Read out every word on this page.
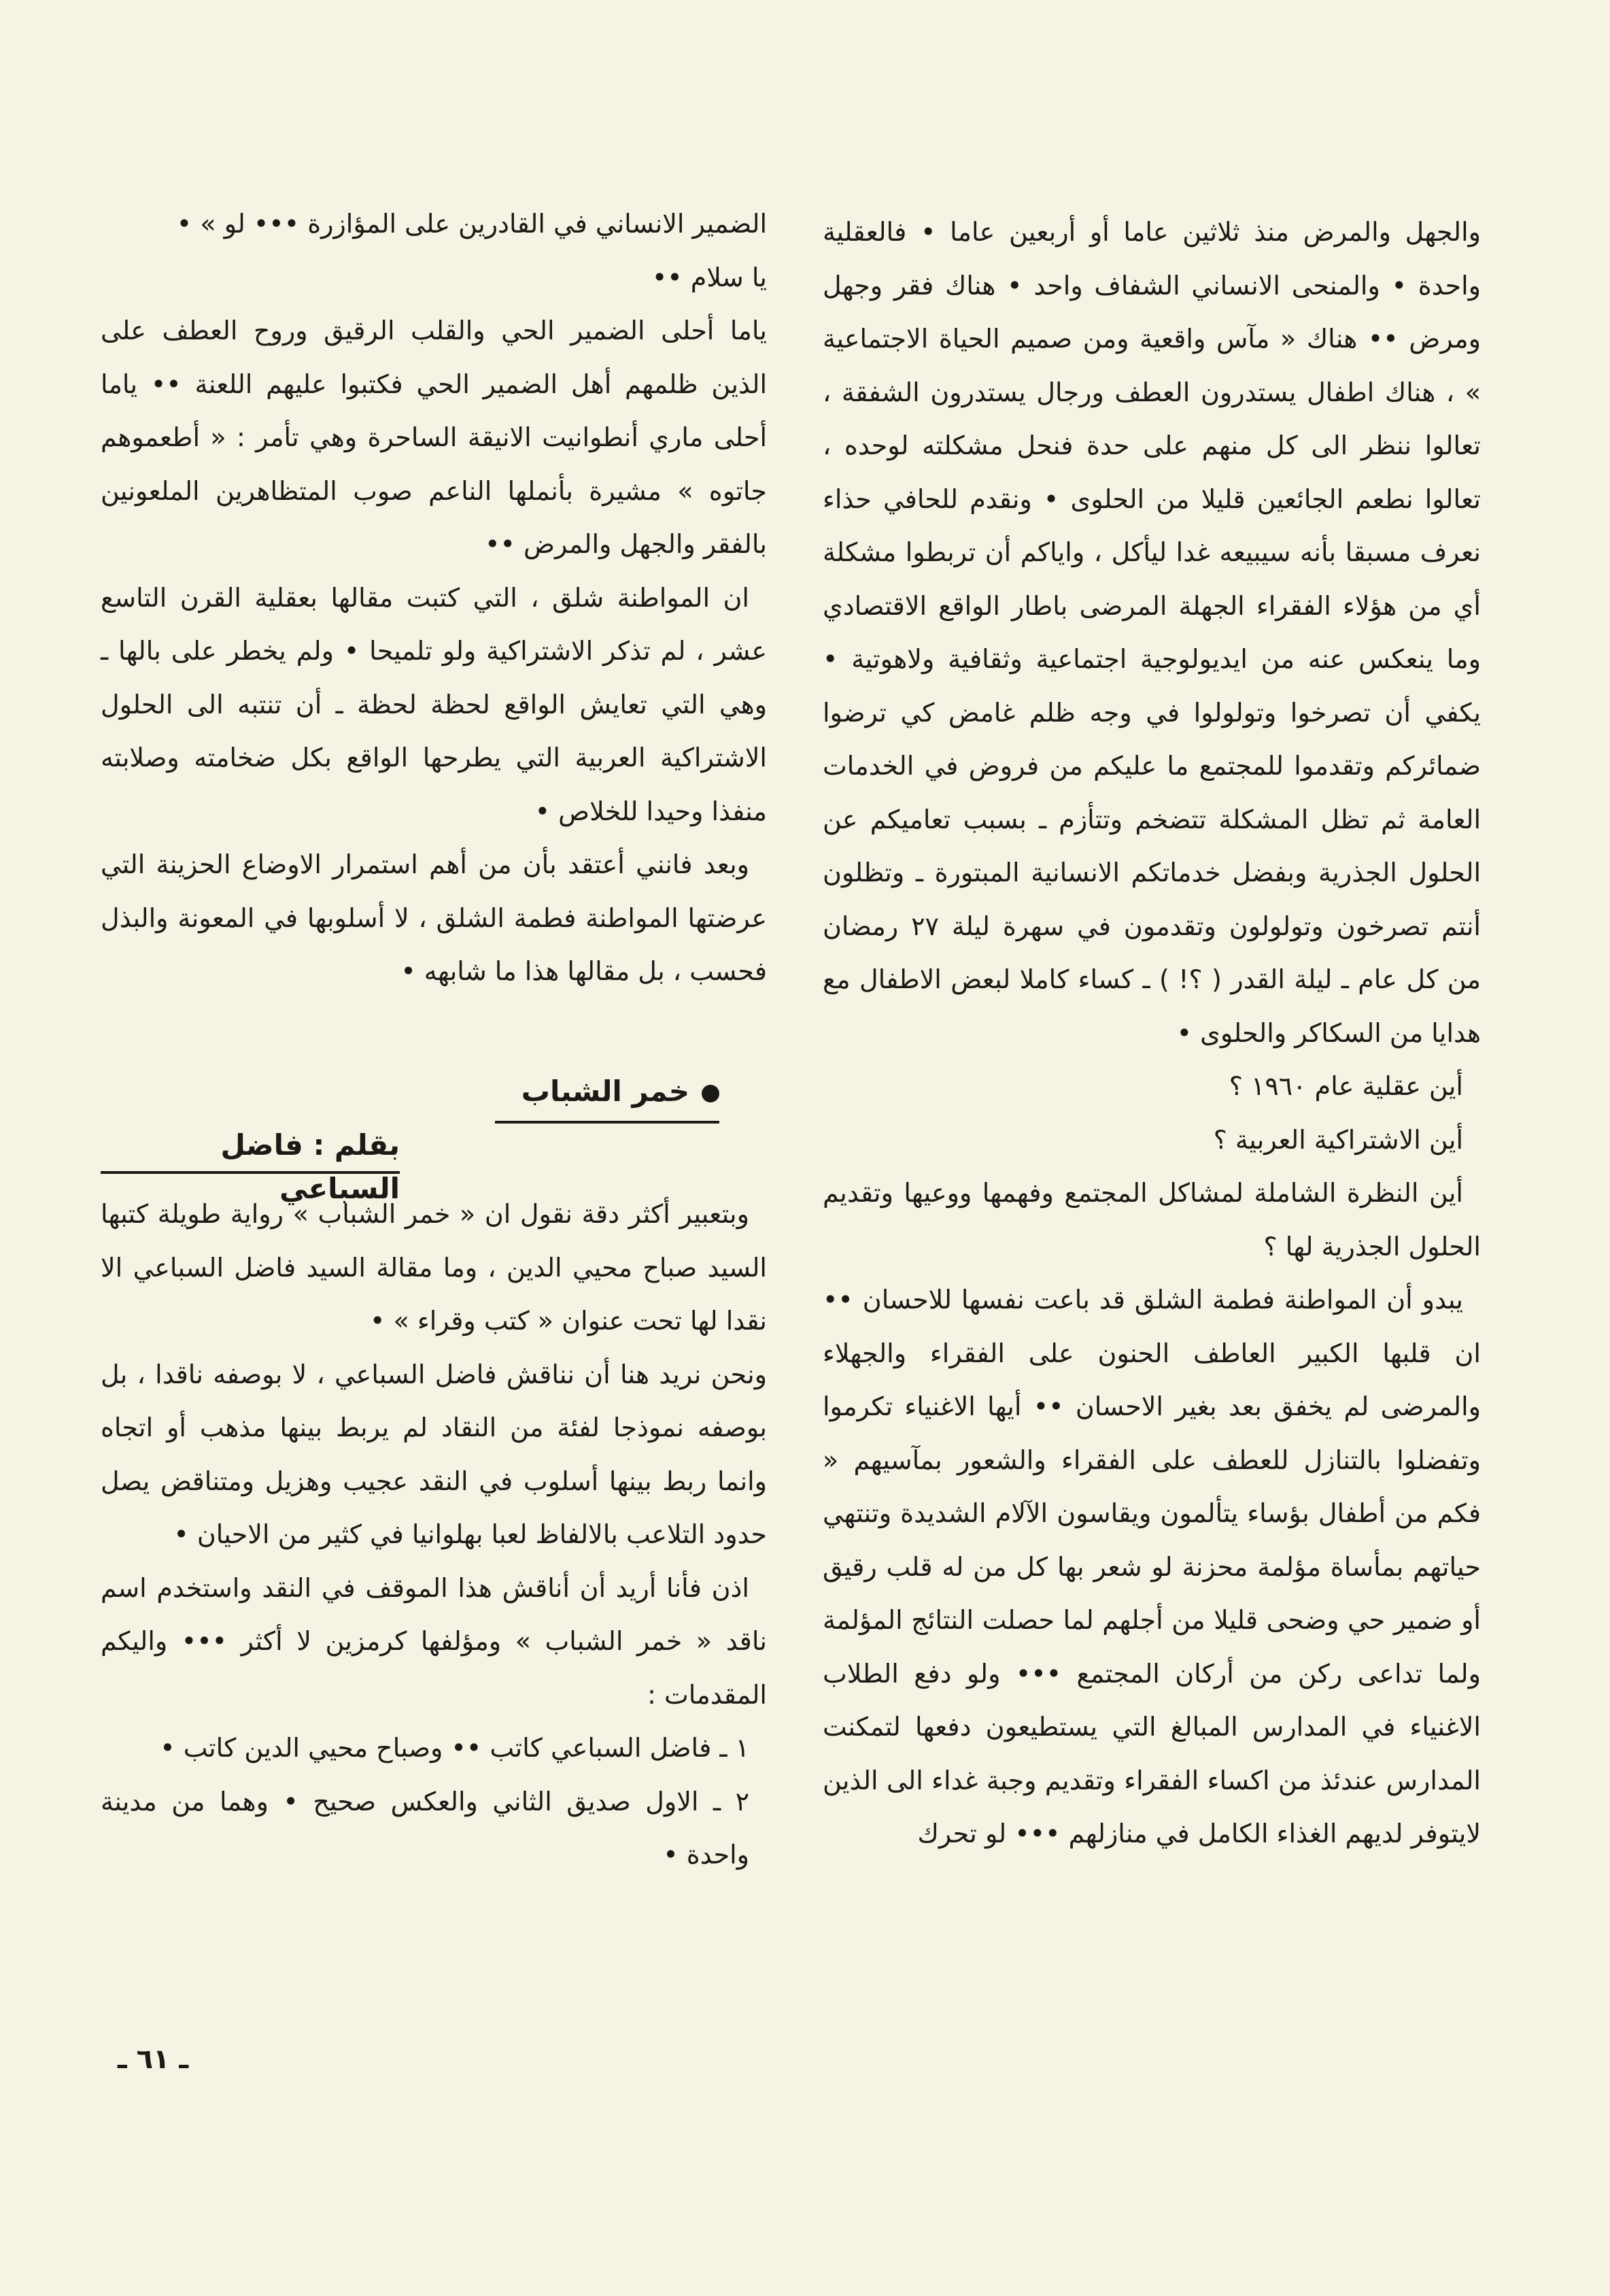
والجهل والمرض منذ ثلاثين عاما أو أربعين عاما • فالعقلية واحدة • والمنحى الانساني الشفاف واحد • هناك فقر وجهل ومرض •• هناك « مآس واقعية ومن صميم الحياة الاجتماعية » ، هناك اطفال يستدرون العطف ورجال يستدرون الشفقة ، تعالوا ننظر الى كل منهم على حدة فنحل مشكلته لوحده ، تعالوا نطعم الجائعين قليلا من الحلوى • ونقدم للحافي حذاء نعرف مسبقا بأنه سيبيعه غدا ليأكل ، واياكم أن تربطوا مشكلة أي من هؤلاء الفقراء الجهلة المرضى باطار الواقع الاقتصادي وما ينعكس عنه من ايديولوجية اجتماعية وثقافية ولاهوتية • يكفي أن تصرخوا وتولولوا في وجه ظلم غامض كي ترضوا ضمائركم وتقدموا للمجتمع ما عليكم من فروض في الخدمات العامة ثم تظل المشكلة تتضخم وتتأزم ـ بسبب تعاميكم عن الحلول الجذرية وبفضل خدماتكم الانسانية المبتورة ـ وتظلون أنتم تصرخون وتولولون وتقدمون في سهرة ليلة ٢٧ رمضان من كل عام ـ ليلة القدر ( ؟! ) ـ كساء كاملا لبعض الاطفال مع هدايا من السكاكر والحلوى •

أين عقلية عام ١٩٦٠ ؟

أين الاشتراكية العربية ؟

أين النظرة الشاملة لمشاكل المجتمع وفهمها ووعيها وتقديم الحلول الجذرية لها ؟

يبدو أن المواطنة فطمة الشلق قد باعت نفسها للاحسان •• ان قلبها الكبير العاطف الحنون على الفقراء والجهلاء والمرضى لم يخفق بعد بغير الاحسان •• أيها الاغنياء تكرموا وتفضلوا بالتنازل للعطف على الفقراء والشعور بمآسيهم « فكم من أطفال بؤساء يتألمون ويقاسون الآلام الشديدة وتنتهي حياتهم بمأساة مؤلمة محزنة لو شعر بها كل من له قلب رقيق أو ضمير حي وضحى قليلا من أجلهم لما حصلت النتائج المؤلمة ولما تداعى ركن من أركان المجتمع ••• ولو دفع الطلاب الاغنياء في المدارس المبالغ التي يستطيعون دفعها لتمكنت المدارس عندئذ من اكساء الفقراء وتقديم وجبة غداء الى الذين لايتوفر لديهم الغذاء الكامل في منازلهم ••• لو تحرك

الضمير الانساني في القادرين على المؤازرة ••• لو » •

يا سلام ••

ياما أحلى الضمير الحي والقلب الرقيق وروح العطف على الذين ظلمهم أهل الضمير الحي فكتبوا عليهم اللعنة •• ياما أحلى ماري أنطوانيت الانيقة الساحرة وهي تأمر : « أطعموهم جاتوه » مشيرة بأنملها الناعم صوب المتظاهرين الملعونين بالفقر والجهل والمرض ••

ان المواطنة شلق ، التي كتبت مقالها بعقلية القرن التاسع عشر ، لم تذكر الاشتراكية ولو تلميحا • ولم يخطر على بالها ـ وهي التي تعايش الواقع لحظة لحظة ـ أن تنتبه الى الحلول الاشتراكية العربية التي يطرحها الواقع بكل ضخامته وصلابته منفذا وحيدا للخلاص •

وبعد فانني أعتقد بأن من أهم استمرار الاوضاع الحزينة التي عرضتها المواطنة فطمة الشلق ، لا أسلوبها في المعونة والبذل فحسب ، بل مقالها هذا ما شابهه •

خمر الشباب
بقلم : فاضل السباعي

وبتعبير أكثر دقة نقول ان « خمر الشباب » رواية طويلة كتبها السيد صباح محيي الدين ، وما مقالة السيد فاضل السباعي الا نقدا لها تحت عنوان « كتب وقراء » •

ونحن نريد هنا أن نناقش فاضل السباعي ، لا بوصفه ناقدا ، بل بوصفه نموذجا لفئة من النقاد لم يربط بينها مذهب أو اتجاه وانما ربط بينها أسلوب في النقد عجيب وهزيل ومتناقض يصل حدود التلاعب بالالفاظ لعبا بهلوانيا في كثير من الاحيان •

اذن فأنا أريد أن أناقش هذا الموقف في النقد واستخدم اسم ناقد « خمر الشباب » ومؤلفها كرمزين لا أكثر ••• واليكم المقدمات :

١ ـ فاضل السباعي كاتب •• وصباح محيي الدين كاتب •

٢ ـ الاول صديق الثاني والعكس صحيح • وهما من مدينة واحدة •

ـ ٦١ ـ
